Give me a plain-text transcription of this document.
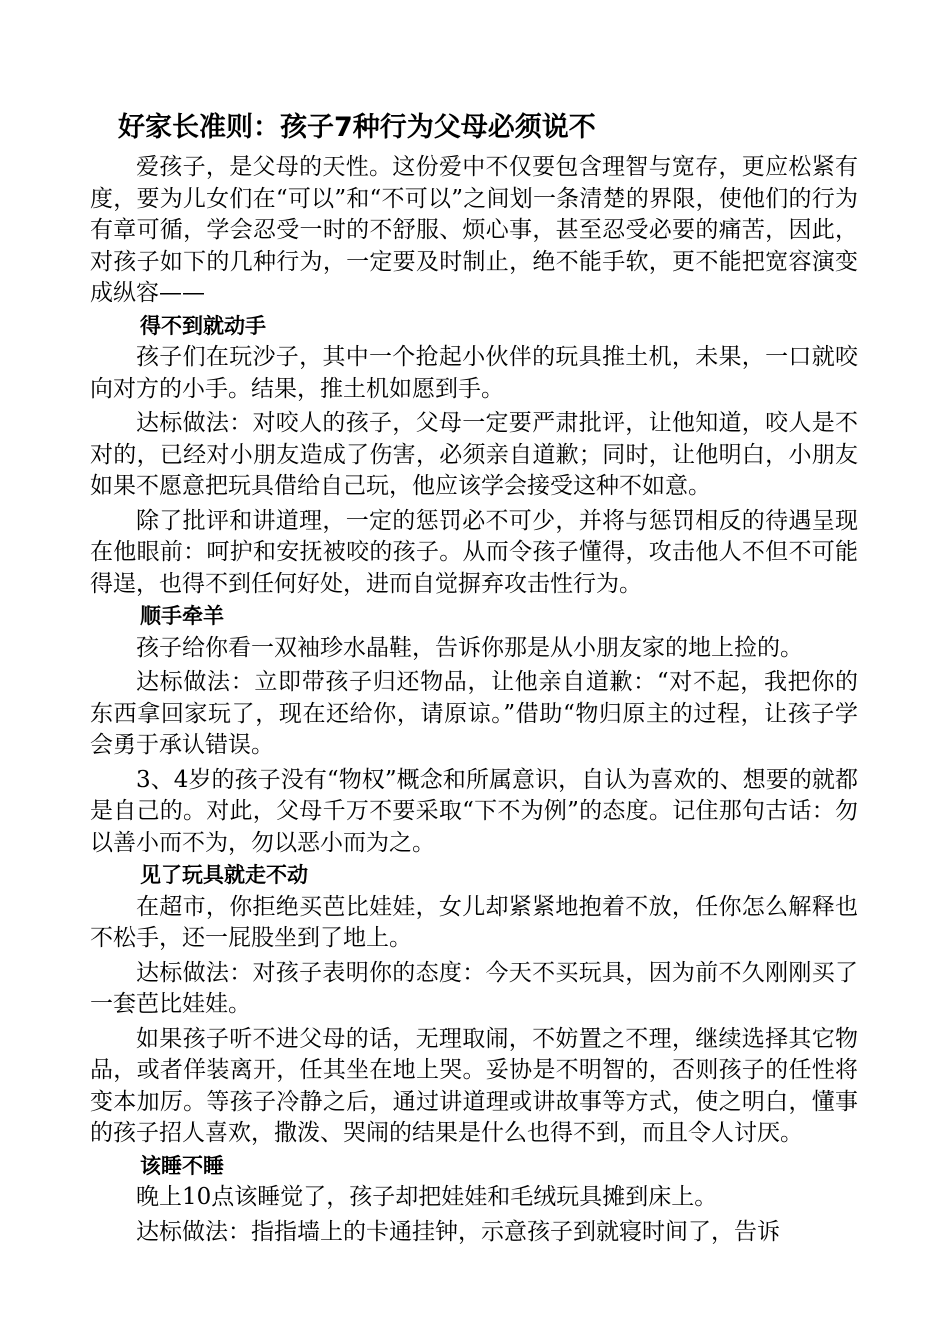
好家长准则：孩子7种行为父母必须说不

爱孩子，是父母的天性。这份爱中不仅要包含理智与宽存，更应松紧有度，要为儿女们在“可以”和“不可以”之间划一条清楚的界限，使他们的行为有章可循，学会忍受一时的不舒服、烦心事，甚至忍受必要的痛苦，因此，对孩子如下的几种行为，一定要及时制止，绝不能手软，更不能把宽容演变成纵容——

得不到就动手

孩子们在玩沙子，其中一个抢起小伙伴的玩具推土机，未果，一口就咬向对方的小手。结果，推土机如愿到手。

达标做法：对咬人的孩子，父母一定要严肃批评，让他知道，咬人是不对的，已经对小朋友造成了伤害，必须亲自道歉；同时，让他明白，小朋友如果不愿意把玩具借给自己玩，他应该学会接受这种不如意。

除了批评和讲道理，一定的惩罚必不可少，并将与惩罚相反的待遇呈现在他眼前：呵护和安抚被咬的孩子。从而令孩子懂得，攻击他人不但不可能得逞，也得不到任何好处，进而自觉摒弃攻击性行为。

顺手牵羊

孩子给你看一双袖珍水晶鞋，告诉你那是从小朋友家的地上捡的。

达标做法：立即带孩子归还物品，让他亲自道歉：“对不起，我把你的东西拿回家玩了，现在还给你，请原谅。”借助“物归原主的过程，让孩子学会勇于承认错误。

3、4岁的孩子没有“物权”概念和所属意识，自认为喜欢的、想要的就都是自己的。对此，父母千万不要采取“下不为例”的态度。记住那句古话：勿以善小而不为，勿以恶小而为之。

见了玩具就走不动

在超市，你拒绝买芭比娃娃，女儿却紧紧地抱着不放，任你怎么解释也不松手，还一屁股坐到了地上。

达标做法：对孩子表明你的态度：今天不买玩具，因为前不久刚刚买了一套芭比娃娃。

如果孩子听不进父母的话，无理取闹，不妨置之不理，继续选择其它物品，或者佯装离开，任其坐在地上哭。妥协是不明智的，否则孩子的任性将变本加厉。等孩子冷静之后，通过讲道理或讲故事等方式，使之明白，懂事的孩子招人喜欢，撒泼、哭闹的结果是什么也得不到，而且令人讨厌。

该睡不睡

晚上10点该睡觉了，孩子却把娃娃和毛绒玩具摊到床上。

达标做法：指指墙上的卡通挂钟，示意孩子到就寝时间了，告诉
